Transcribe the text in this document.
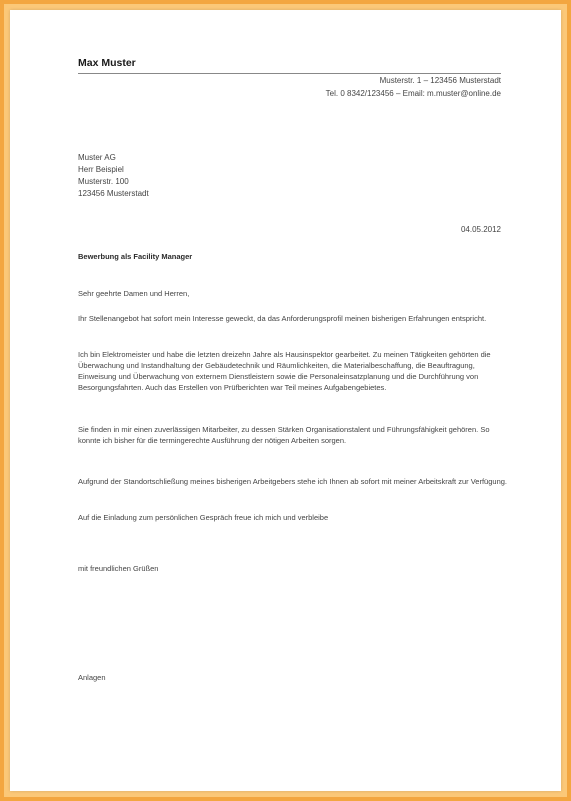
Max Muster
Musterstr. 1 – 123456 Musterstadt
Tel. 0 8342/123456 – Email: m.muster@online.de
Muster AG
Herr Beispiel
Musterstr. 100
123456 Musterstadt
04.05.2012
Bewerbung als Facility Manager
Sehr geehrte Damen und Herren,
Ihr Stellenangebot hat sofort mein Interesse geweckt, da das Anforderungsprofil meinen bisherigen Erfahrungen entspricht.
Ich bin Elektromeister und habe die letzten dreizehn Jahre als Hausinspektor gearbeitet. Zu meinen Tätigkeiten gehörten die Überwachung und Instandhaltung der Gebäudetechnik und Räumlichkeiten, die Materialbeschaffung, die Beauftragung, Einweisung und Überwachung von externem Dienstleistern sowie die Personaleinsatzplanung und die Durchführung von Besorgungsfahrten. Auch das Erstellen von Prüfberichten war Teil meines Aufgabengebietes.
Sie finden in mir einen zuverlässigen Mitarbeiter, zu dessen Stärken Organisationstalent und Führungsfähigkeit gehören. So konnte ich bisher für die termingerechte Ausführung der nötigen Arbeiten sorgen.
Aufgrund der Standortschließung meines bisherigen Arbeitgebers stehe ich Ihnen ab sofort mit meiner Arbeitskraft zur Verfügung.
Auf die Einladung zum persönlichen Gespräch freue ich mich und verbleibe
mit freundlichen Grüßen
Anlagen
